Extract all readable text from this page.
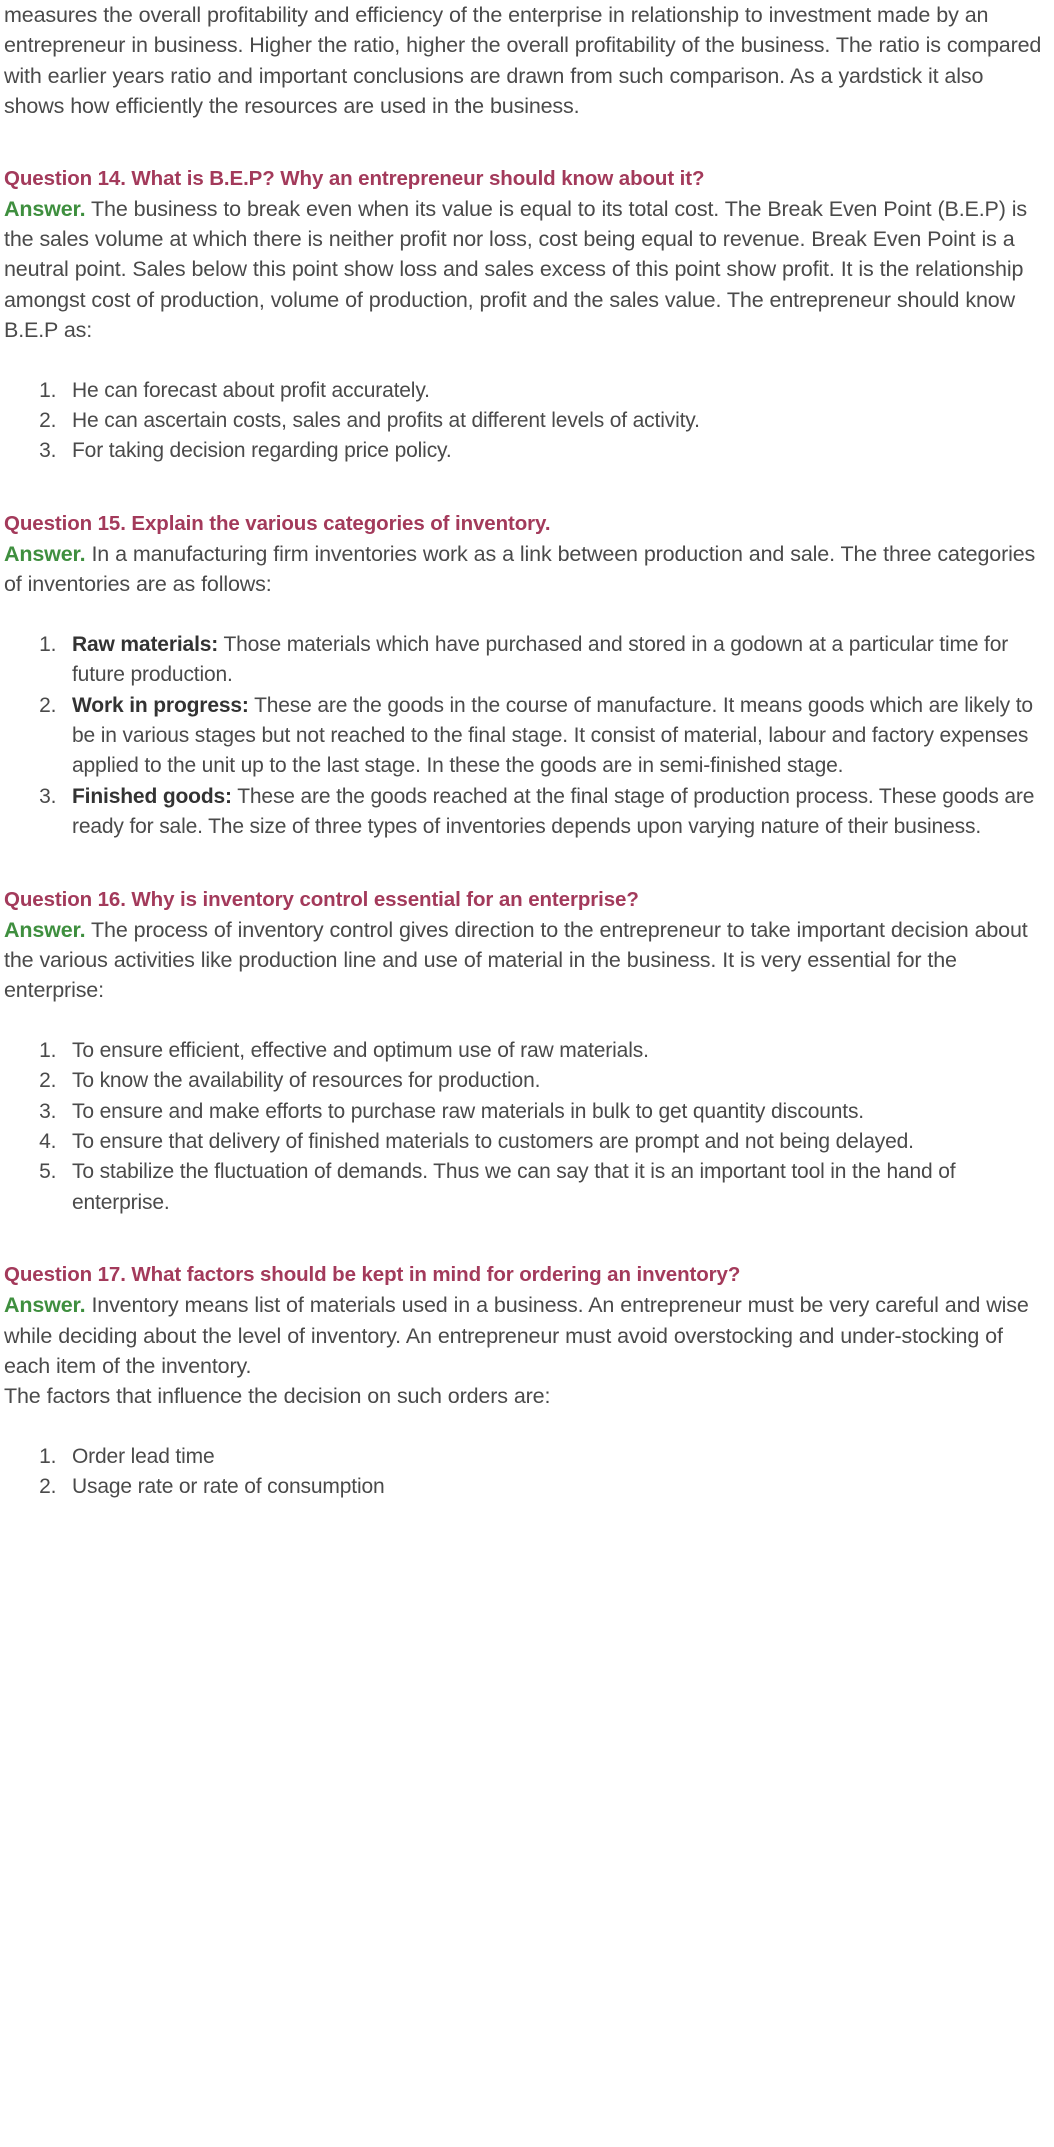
measures the overall profitability and efficiency of the enterprise in relationship to investment made by an entrepreneur in business. Higher the ratio, higher the overall profitability of the business. The ratio is compared with earlier years ratio and important conclusions are drawn from such comparison. As a yardstick it also shows how efficiently the resources are used in the business.

Question 14. What is B.E.P? Why an entrepreneur should know about it?

Answer. The business to break even when its value is equal to its total cost. The Break Even Point (B.E.P) is the sales volume at which there is neither profit nor loss, cost being equal to revenue. Break Even Point is a neutral point. Sales below this point show loss and sales excess of this point show profit. It is the relationship amongst cost of production, volume of production, profit and the sales value. The entrepreneur should know B.E.P as:

1. He can forecast about profit accurately.
2. He can ascertain costs, sales and profits at different levels of activity.
3. For taking decision regarding price policy.

Question 15. Explain the various categories of inventory.

Answer. In a manufacturing firm inventories work as a link between production and sale. The three categories of inventories are as follows:

1. Raw materials: Those materials which have purchased and stored in a godown at a particular time for future production.
2. Work in progress: These are the goods in the course of manufacture. It means goods which are likely to be in various stages but not reached to the final stage. It consist of material, labour and factory expenses applied to the unit up to the last stage. In these the goods are in semi-finished stage.
3. Finished goods: These are the goods reached at the final stage of production process. These goods are ready for sale. The size of three types of inventories depends upon varying nature of their business.

Question 16. Why is inventory control essential for an enterprise?

Answer. The process of inventory control gives direction to the entrepreneur to take important decision about the various activities like production line and use of material in the business. It is very essential for the enterprise:

1. To ensure efficient, effective and optimum use of raw materials.
2. To know the availability of resources for production.
3. To ensure and make efforts to purchase raw materials in bulk to get quantity discounts.
4. To ensure that delivery of finished materials to customers are prompt and not being delayed.
5. To stabilize the fluctuation of demands. Thus we can say that it is an important tool in the hand of enterprise.

Question 17. What factors should be kept in mind for ordering an inventory?

Answer. Inventory means list of materials used in a business. An entrepreneur must be very careful and wise while deciding about the level of inventory. An entrepreneur must avoid overstocking and under-stocking of each item of the inventory.

The factors that influence the decision on such orders are:

1. Order lead time
2. Usage rate or rate of consumption
